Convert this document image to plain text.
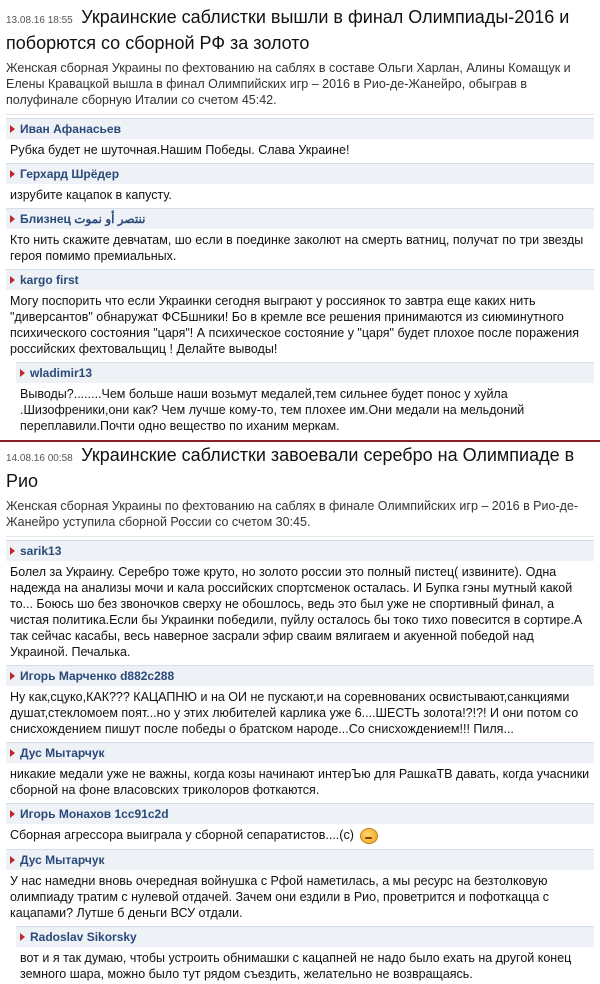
13.08.16 18:55 Украинские саблистки вышли в финал Олимпиады-2016 и поборются со сборной РФ за золото
Женская сборная Украины по фехтованию на саблях в составе Ольги Харлан, Алины Комащук и Елены Кравацкой вышла в финал Олимпийских игр – 2016 в Рио-де-Жанейро, обыграв в полуфинале сборную Италии со счетом 45:42.
Иван Афанасьев
Рубка будет не шуточная.Нашим Победы. Слава Украине!
Герхард Шрёдер
изрубите кацапок в капусту.
Близнец ننتصر أو نموت
Кто нить скажите девчатам, шо если в поединке заколют на смерть ватниц, получат по три звезды героя помимо премиальных.
kargo first
Могу поспорить что если Украинки сегодня выграют у россиянок то завтра еще каких нить "диверсантов" обнаружат ФСБшники! Бо в кремле все решения принимаются из сиюминутного психического состояния "царя"! А психическое состояние у "царя" будет плохое после поражения российских фехтовальщиц ! Делайте выводы!
wladimir13
Выводы?........Чем больше наши возьмут медалей,тем сильнее будет понос у хуйла .Шизофреники,они как? Чем лучше кому-то, тем плохее им.Они медали на мельдоний переплавили.Почти одно вещество по иханим меркам.
14.08.16 00:58 Украинские саблистки завоевали серебро на Олимпиаде в Рио
Женская сборная Украины по фехтованию на саблях в финале Олимпийских игр – 2016 в Рио-де-Жанейро уступила сборной России со счетом 30:45.
sarik13
Болел за Украину. Серебро тоже круто, но золото россии это полный пистец( извините). Одна надежда на анализы мочи и кала российских спортсменок осталась. И Бупка гэны мутный какой то... Боюсь шо без звоночков сверху не обошлось, ведь это был уже не спортивный финал, а чистая политика.Если бы Украинки победили, пуйлу осталось бы токо тихо повесится в сортире.А так сейчас касабы, весь наверное засрали эфир сваим вялигаем и акуенной победой над Украиной. Печалька.
Игорь Марченко d882c288
Ну как,сцуко,КАК??? КАЦАПНЮ и на ОИ не пускают,и на соревнованих освистывают,санкциями душат,стекломоем поят...но у этих любителей карлика уже 6....ШЕСТЬ золота!?!?! И они потом со снисхождением пишут после победы о братском народе...Со снисхождением!!! Пиля...
Дус Мытарчук
никакие медали уже не важны, когда козы начинают интерЪю для РашкаТВ давать, когда учасники сборной на фоне власовских триколоров фоткаются.
Игорь Монахов 1cc91c2d
Сборная агрессора выиграла у сборной сепаратистов....(с)
Дус Мытарчук
У нас намедни вновь очередная войнушка с Рфой наметилась, а мы ресурс на безтолковую олимпиаду тратим с нулевой отдачей. Зачем они ездили в Рио, проветрится и пофоткацца с кацапами? Лутше б деньги ВСУ отдали.
Radoslav Sikorsky
вот и я так думаю, чтобы устроить обнимашки с кацапней не надо было ехать на другой конец земного шара, можно было тут рядом съездить, желательно не возвращаясь.
